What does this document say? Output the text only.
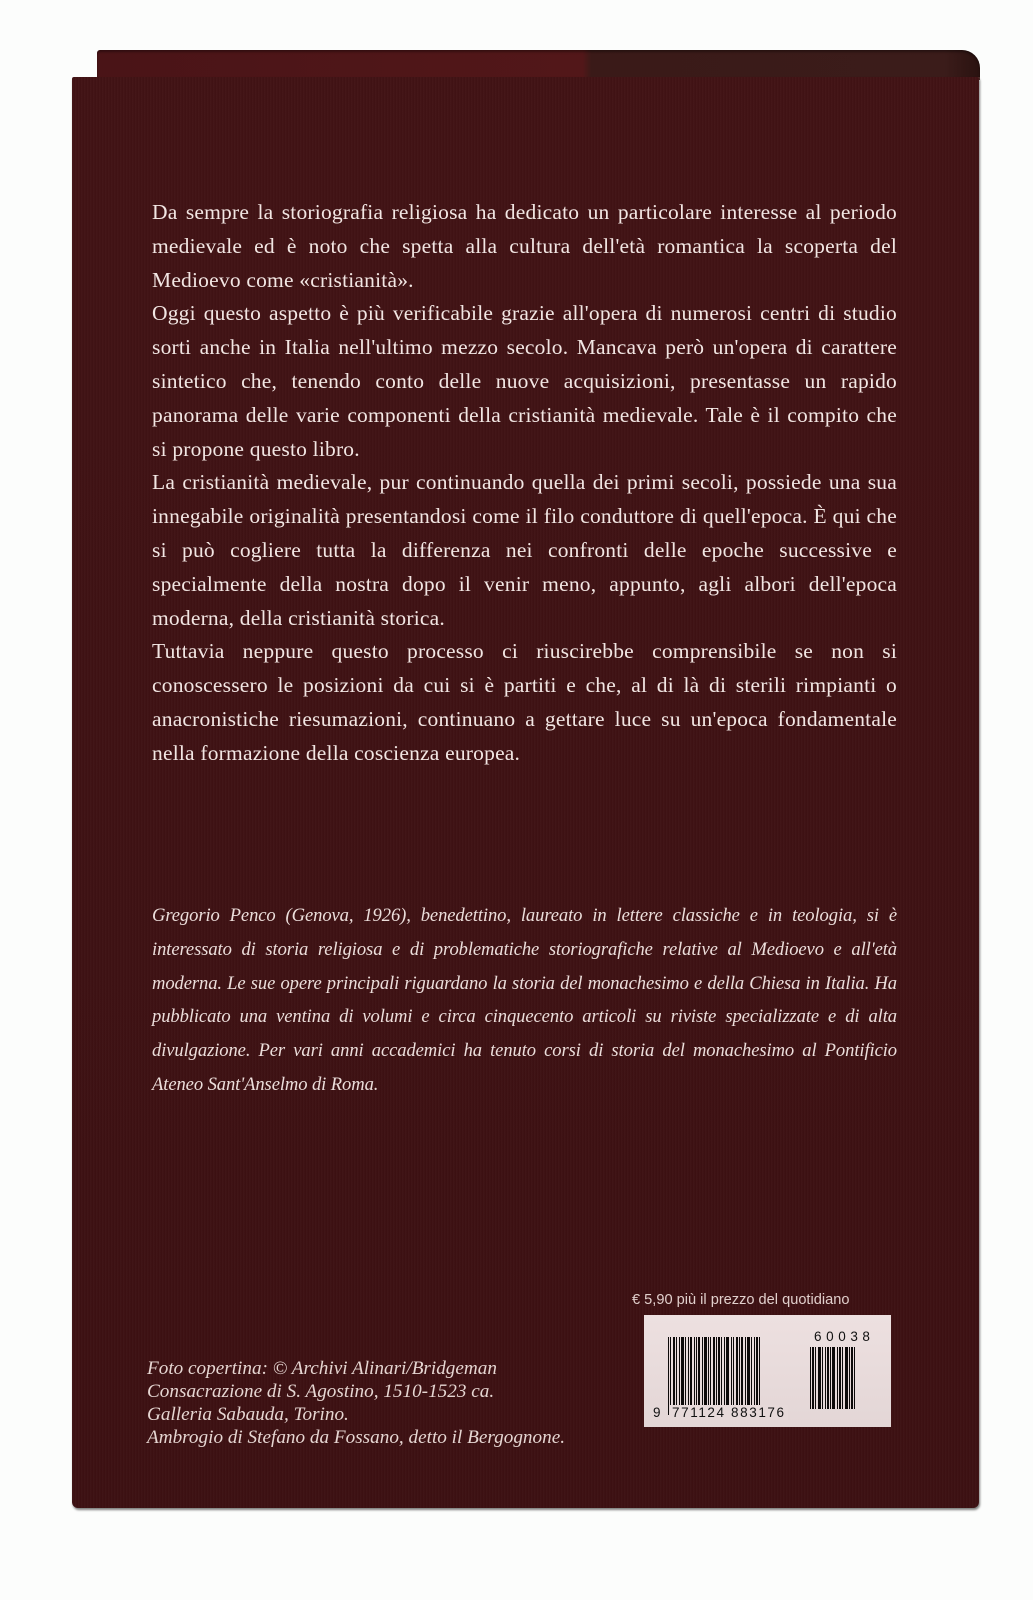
Da sempre la storiografia religiosa ha dedicato un particolare interesse al periodo medievale ed è noto che spetta alla cultura dell'età romantica la scoperta del Medioevo come «cristianità».

Oggi questo aspetto è più verificabile grazie all'opera di numerosi centri di studio sorti anche in Italia nell'ultimo mezzo secolo. Mancava però un'opera di carattere sintetico che, tenendo conto delle nuove acquisizioni, presentasse un rapido panorama delle varie componenti della cristianità medievale. Tale è il compito che si propone questo libro.

La cristianità medievale, pur continuando quella dei primi secoli, possiede una sua innegabile originalità presentandosi come il filo conduttore di quell'epoca. È qui che si può cogliere tutta la differenza nei confronti delle epoche successive e specialmente della nostra dopo il venir meno, appunto, agli albori dell'epoca moderna, della cristianità storica.

Tuttavia neppure questo processo ci riuscirebbe comprensibile se non si conoscessero le posizioni da cui si è partiti e che, al di là di sterili rimpianti o anacronistiche riesumazioni, continuano a gettare luce su un'epoca fondamentale nella formazione della coscienza europea.

Gregorio Penco (Genova, 1926), benedettino, laureato in lettere classiche e in teologia, si è interessato di storia religiosa e di problematiche storiografiche relative al Medioevo e all'età moderna. Le sue opere principali riguardano la storia del monachesimo e della Chiesa in Italia. Ha pubblicato una ventina di volumi e circa cinquecento articoli su riviste specializzate e di alta divulgazione. Per vari anni accademici ha tenuto corsi di storia del monachesimo al Pontificio Ateneo Sant'Anselmo di Roma.
Foto copertina: © Archivi Alinari/Bridgeman
Consacrazione di S. Agostino, 1510-1523 ca.
Galleria Sabauda, Torino.
Ambrogio di Stefano da Fossano, detto il Bergognone.
€ 5,90 più il prezzo del quotidiano
9 771124 883176
60038
